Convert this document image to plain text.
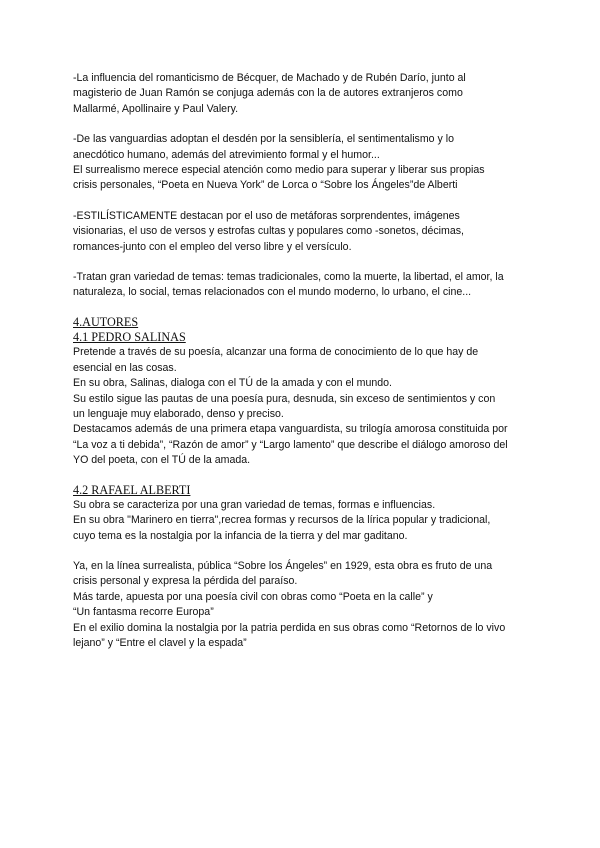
-La influencia del romanticismo de Bécquer, de Machado y de Rubén Darío, junto al
magisterio de Juan Ramón se conjuga además con la de autores extranjeros como
Mallarmé, Apollinaire y Paul Valery.

-De las vanguardias adoptan el desdén por la sensiblería, el sentimentalismo y lo
anecdótico humano, además del atrevimiento formal y el humor...
El surrealismo merece especial atención como medio para superar y liberar sus propias
crisis personales, “Poeta en Nueva York” de Lorca o “Sobre los Ángeles”de Alberti

-ESTILÍSTICAMENTE destacan por el uso de metáforas sorprendentes, imágenes
visionarias, el uso de versos y estrofas cultas y populares como -sonetos, décimas,
romances-junto con el empleo del verso libre y el versículo.

-Tratan gran variedad de temas: temas tradicionales, como la muerte, la libertad, el amor, la
naturaleza, lo social, temas relacionados con el mundo moderno, lo urbano, el cine...

4.AUTORES

4.1 PEDRO SALINAS

Pretende a través de su poesía, alcanzar una forma de conocimiento de lo que hay de
esencial en las cosas.
En su obra, Salinas, dialoga con el TÚ de la amada y con el mundo.
Su estilo sigue las pautas de una poesía pura, desnuda, sin exceso de sentimientos y con
un lenguaje muy elaborado, denso y preciso.
Destacamos además de una primera etapa vanguardista, su trilogía amorosa constituida por
“La voz a ti debida”, “Razón de amor” y “Largo lamento” que describe el diálogo amoroso del
YO del poeta, con el TÚ de la amada.

4.2 RAFAEL ALBERTI

Su obra se caracteriza por una gran variedad de temas, formas e influencias.
En su obra "Marinero en tierra",recrea formas y recursos de la lírica popular y tradicional,
cuyo tema es la nostalgia por la infancia de la tierra y del mar gaditano.

Ya, en la línea surrealista, pública “Sobre los Ángeles” en 1929, esta obra es fruto de una
crisis personal y expresa la pérdida del paraíso.
Más tarde, apuesta por una poesía civil con obras como “Poeta en la calle” y
“Un fantasma recorre Europa”
En el exilio domina la nostalgia por la patria perdida en sus obras como “Retornos de lo vivo
lejano” y “Entre el clavel y la espada”
